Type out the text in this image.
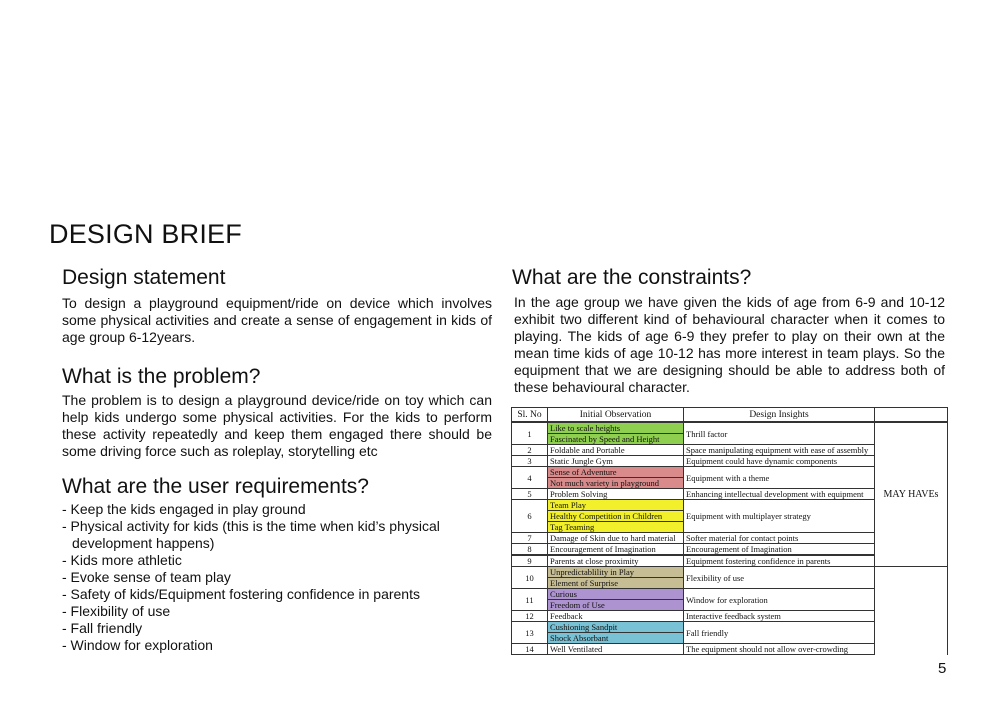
DESIGN BRIEF
Design statement

To design a playground equipment/ride on device which involves some physical activities and create a sense of engagement in kids of age group 6-12years.

What is the problem?

The problem is to design a playground device/ride on toy which can help kids undergo some physical activities. For the kids to perform these activity repeatedly and keep them engaged there should be some driving force such as roleplay, storytelling etc

What are the user requirements?
- Keep the kids engaged in play ground
- Physical activity for kids (this is the time when kid’s physical
development happens)
- Kids more athletic
- Evoke sense of team play
- Safety of kids/Equipment fostering confidence in parents
- Flexibility of use
- Fall friendly
- Window for exploration
What are the constraints?

In the age group we have given the kids of age from 6-9 and 10-12 exhibit two different kind of behavioural character when it comes to playing. The kids of age 6-9 they prefer to play on their own at the mean time kids of age 10-12 has more interest in team plays. So the equipment that we are designing should be able to address both of these behavioural character.

Sl. No	Initial Observation	Design Insights		
1	Like to scale heights	Thrill factor	MAY HAVEs	
	Fascinated by Speed and Height			
2	Foldable and Portable	Space manipulating equipment with ease of assembly		
3	Static Jungle Gym	Equipment could have dynamic components		
4	Sense of Adventure	Equipment with a theme		
	Not much variety in playground			
5	Problem Solving	Enhancing intellectual development with equipment		
6	Team Play	Equipment with multiplayer strategy		
	Healthy Competition in Children			
	Tag Teaming			
7	Damage of Skin due to hard material	Softer material for contact points		
8	Encouragement of Imagination	Encouragement of Imagination		
9	Parents at close proximity	Equipment fostering confidence in parents	
10	Unpredictablility in Play	Flexibility of use		
	Element of Surprise			
11	Curious	Window for exploration		
	Freedom of Use			
12	Feedback	Interactive feedback system		
13	Cushioning Sandpit	Fall friendly		
	Shock Absorbant			
14	Well Ventilated	The equipment should not allow over-crowding		
5
